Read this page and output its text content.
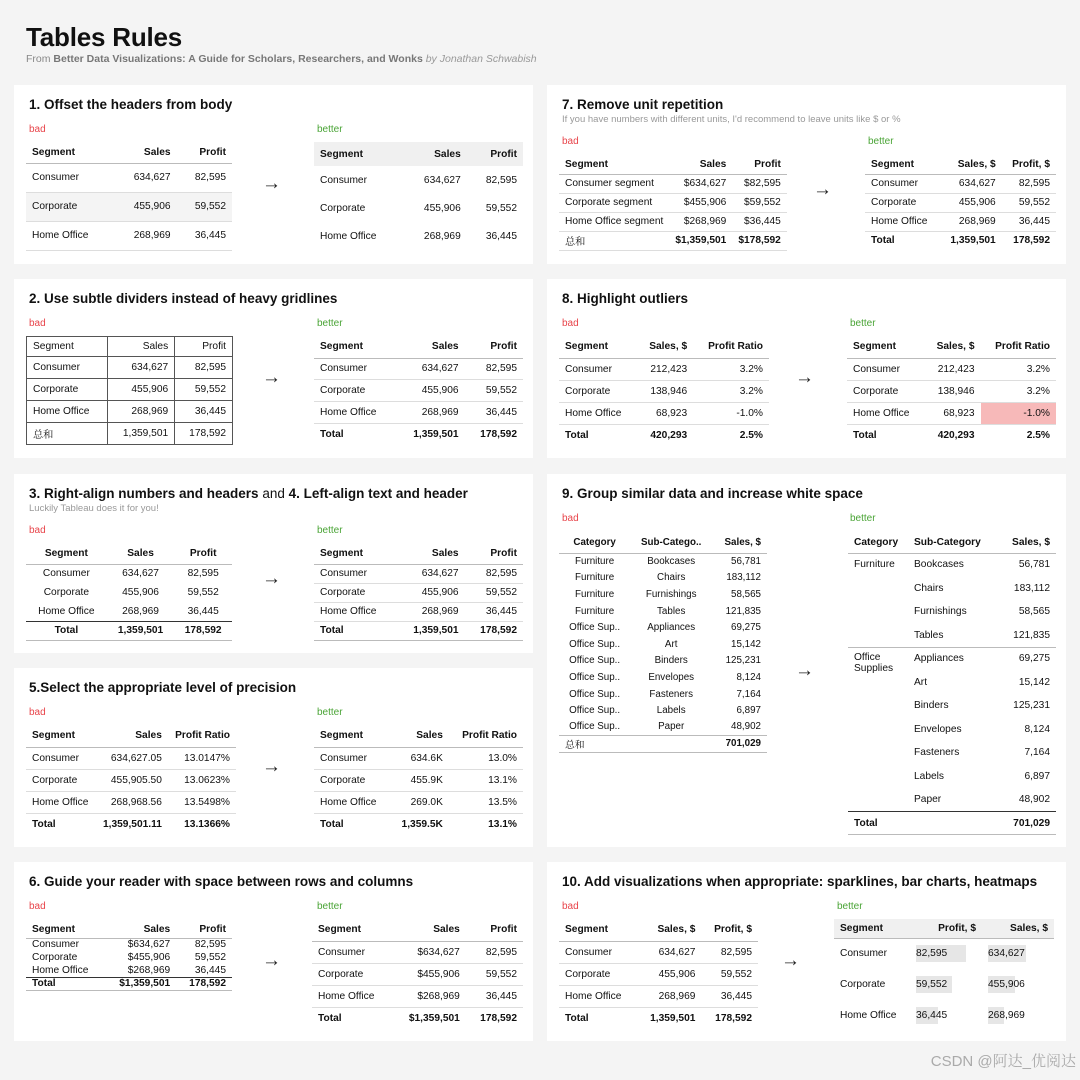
Tables Rules
From Better Data Visualizations: A Guide for Scholars, Researchers, and Wonks by Jonathan Schwabish
1. Offset the headers from body
bad	better
Segment	Sales	Profit
Consumer	634,627	82,595
Corporate	455,906	59,552
Home Office	268,969	36,445
→
Segment	Sales	Profit
Consumer	634,627	82,595
Corporate	455,906	59,552
Home Office	268,969	36,445
2. Use subtle dividers instead of heavy gridlines
bad	better
Segment	Sales	Profit
Consumer	634,627	82,595
Corporate	455,906	59,552
Home Office	268,969	36,445
总和	1,359,501	178,592
→
Segment	Sales	Profit
Consumer	634,627	82,595
Corporate	455,906	59,552
Home Office	268,969	36,445
Total	1,359,501	178,592
3. Right-align numbers and headers and 4. Left-align text and header
Luckily Tableau does it for you!
bad	better
Segment	Sales	Profit
Consumer	634,627	82,595
Corporate	455,906	59,552
Home Office	268,969	36,445
Total	1,359,501	178,592
→
Segment	Sales	Profit
Consumer	634,627	82,595
Corporate	455,906	59,552
Home Office	268,969	36,445
Total	1,359,501	178,592
5.Select the appropriate level of precision
bad	better
Segment	Sales	Profit Ratio
Consumer	634,627.05	13.0147%
Corporate	455,905.50	13.0623%
Home Office	268,968.56	13.5498%
Total	1,359,501.11	13.1366%
→
Segment	Sales	Profit Ratio
Consumer	634.6K	13.0%
Corporate	455.9K	13.1%
Home Office	269.0K	13.5%
Total	1,359.5K	13.1%
6. Guide your reader with space between rows and columns
bad	better
Segment	Sales	Profit
Consumer	$634,627	82,595
Corporate	$455,906	59,552
Home Office	$268,969	36,445
Total	$1,359,501	178,592
→
Segment	Sales	Profit
Consumer	$634,627	82,595
Corporate	$455,906	59,552
Home Office	$268,969	36,445
Total	$1,359,501	178,592
7. Remove unit repetition
If you have numbers with different units, I'd recommend to leave units like $ or %
bad	better
Segment	Sales	Profit
Consumer segment	$634,627	$82,595
Corporate segment	$455,906	$59,552
Home Office segment	$268,969	$36,445
总和	$1,359,501	$178,592
→
Segment	Sales, $	Profit, $
Consumer	634,627	82,595
Corporate	455,906	59,552
Home Office	268,969	36,445
Total	1,359,501	178,592
8. Highlight outliers
bad	better
Segment	Sales, $	Profit Ratio
Consumer	212,423	3.2%
Corporate	138,946	3.2%
Home Office	68,923	-1.0%
Total	420,293	2.5%
→
Segment	Sales, $	Profit Ratio
Consumer	212,423	3.2%
Corporate	138,946	3.2%
Home Office	68,923	-1.0%
Total	420,293	2.5%
9. Group similar data and increase white space
bad	better
Category	Sub-Catego..	Sales, $
Furniture	Bookcases	56,781
Furniture	Chairs	183,112
Furniture	Furnishings	58,565
Furniture	Tables	121,835
Office Sup..	Appliances	69,275
Office Sup..	Art	15,142
Office Sup..	Binders	125,231
Office Sup..	Envelopes	8,124
Office Sup..	Fasteners	7,164
Office Sup..	Labels	6,897
Office Sup..	Paper	48,902
总和		701,029
→
Category	Sub-Category	Sales, $
Furniture	Bookcases	56,781
	Chairs	183,112
	Furnishings	58,565
	Tables	121,835
Office Supplies	Appliances	69,275
	Art	15,142
	Binders	125,231
	Envelopes	8,124
	Fasteners	7,164
	Labels	6,897
	Paper	48,902
Total		701,029
10. Add visualizations when appropriate: sparklines, bar charts, heatmaps
bad	better
Segment	Sales, $	Profit, $
Consumer	634,627	82,595
Corporate	455,906	59,552
Home Office	268,969	36,445
Total	1,359,501	178,592
→
Segment	Profit, $	Sales, $
Consumer	82,595	634,627
Corporate	59,552	455,906
Home Office	36,445	268,969
CSDN @阿达_优阅达
